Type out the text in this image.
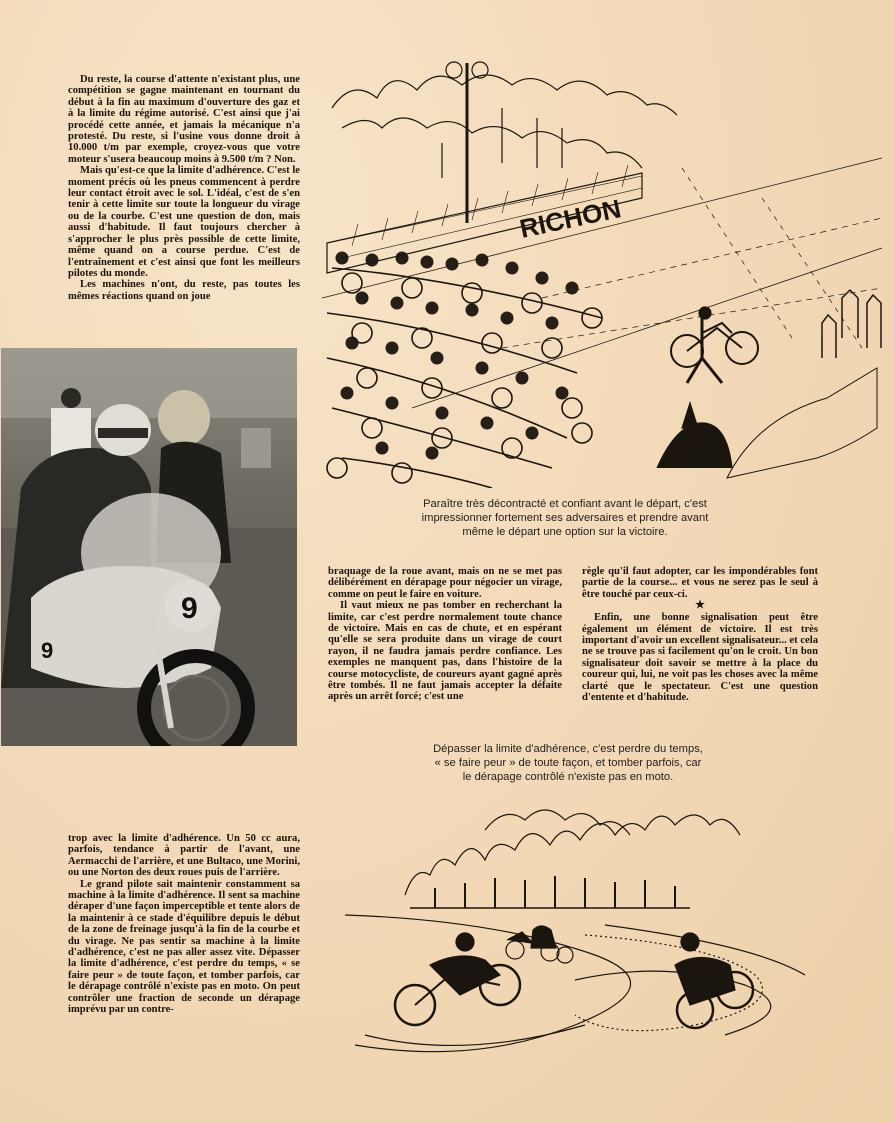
Du reste, la course d'attente n'existant plus, une compétition se gagne maintenant en tournant du début à la fin au maximum d'ouverture des gaz et à la limite du régime autorisé. C'est ainsi que j'ai procédé cette année, et jamais la mécanique n'a protesté. Du reste, si l'usine vous donne droit à 10.000 t/m par exemple, croyez-vous que votre moteur s'usera beaucoup moins à 9.500 t/m ? Non.

Mais qu'est-ce que la limite d'adhérence. C'est le moment précis où les pneus commencent à perdre leur contact étroit avec le sol. L'idéal, c'est de s'en tenir à cette limite sur toute la longueur du virage ou de la courbe. C'est une question de don, mais aussi d'habitude. Il faut toujours chercher à s'approcher le plus près possible de cette limite, même quand on a course perdue. C'est de l'entraînement et c'est ainsi que font les meilleurs pilotes du monde.

Les machines n'ont, du reste, pas toutes les mêmes réactions quand on joue

RICHON
9
9
Paraître très décontracté et confiant avant le départ, c'est
impressionner fortement ses adversaires et prendre avant
même le départ une option sur la victoire.

braquage de la roue avant, mais on ne se met pas délibérément en dérapage pour négocier un virage, comme on peut le faire en voiture.

Il vaut mieux ne pas tomber en recherchant la limite, car c'est perdre normalement toute chance de victoire. Mais en cas de chute, et en espérant qu'elle se sera produite dans un virage de court rayon, il ne faudra jamais perdre confiance. Les exemples ne manquent pas, dans l'histoire de la course motocycliste, de coureurs ayant gagné après être tombés. Il ne faut jamais accepter la défaite après un arrêt forcé; c'est une

règle qu'il faut adopter, car les impondérables font partie de la course... et vous ne serez pas le seul à être touché par ceux-ci.

★

Enfin, une bonne signalisation peut être également un élément de victoire. Il est très important d'avoir un excellent signalisateur... et cela ne se trouve pas si facilement qu'on le croit. Un bon signalisateur doit savoir se mettre à la place du coureur qui, lui, ne voit pas les choses avec la même clarté que le spectateur. C'est une question d'entente et d'habitude.

Dépasser la limite d'adhérence, c'est perdre du temps,
« se faire peur » de toute façon, et tomber parfois, car
le dérapage contrôlé n'existe pas en moto.

trop avec la limite d'adhérence. Un 50 cc aura, parfois, tendance à partir de l'avant, une Aermacchi de l'arrière, et une Bultaco, une Morini, ou une Norton des deux roues puis de l'arrière.

Le grand pilote sait maintenir constamment sa machine à la limite d'adhérence. Il sent sa machine déraper d'une façon imperceptible et tente alors de la maintenir à ce stade d'équilibre depuis le début de la zone de freinage jusqu'à la fin de la courbe et du virage. Ne pas sentir sa machine à la limite d'adhérence, c'est ne pas aller assez vite. Dépasser la limite d'adhérence, c'est perdre du temps, « se faire peur » de toute façon, et tomber parfois, car le dérapage contrôlé n'existe pas en moto. On peut contrôler une fraction de seconde un dérapage imprévu par un contre-
